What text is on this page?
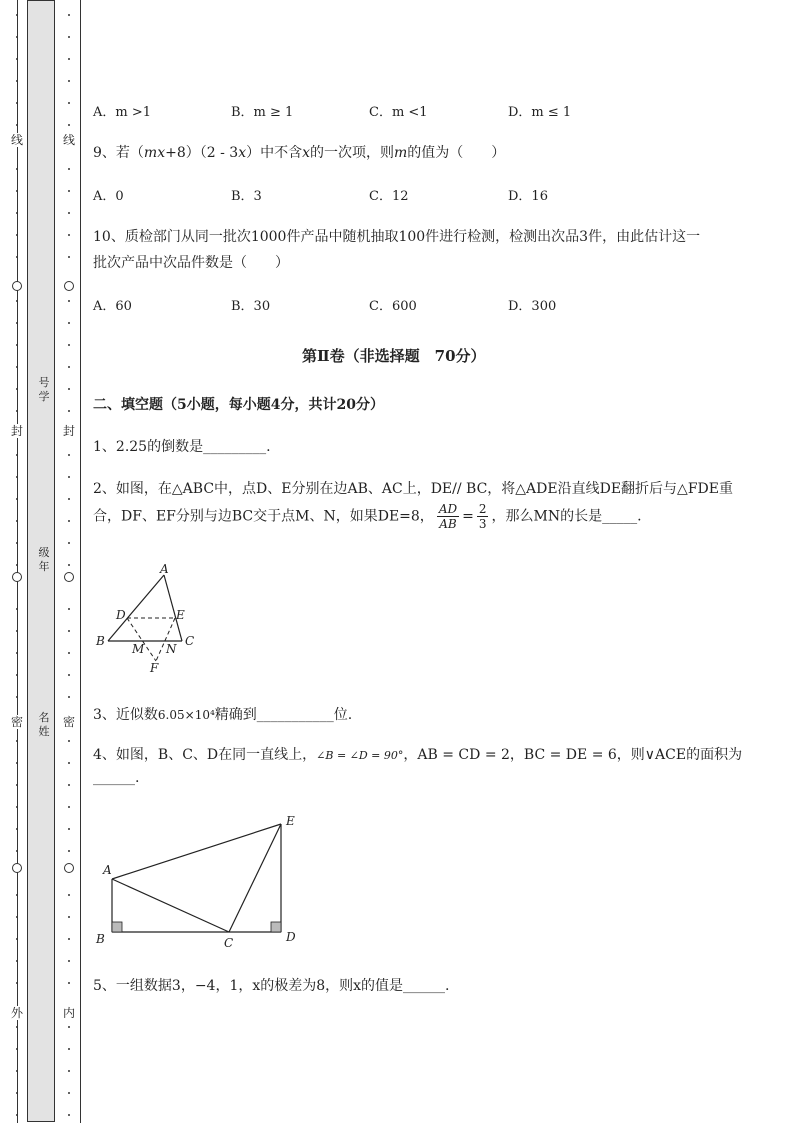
线
封
密
外
线
封
密
内
号学
级年
名姓
A．m >1	B．m ≥ 1	C．m <1	D．m ≤ 1
9、若（mx+8）（2 - 3x）中不含x的一次项，则m的值为（　　）
A．0	B．3	C．12	D．16
10、质检部门从同一批次1000件产品中随机抽取100件进行检测，检测出次品3件，由此估计这一
批次产品中次品件数是（　　）
A．60	B．30	C．600	D．300
第Ⅱ卷（非选择题　70分）
二、填空题（5小题，每小题4分，共计20分）
1、2.25的倒数是_________.
2、如图，在△ABC中，点D、E分别在边AB、AC上，DE// BC，将△ADE沿直线DE翻折后与△FDE重
合，DF、EF分别与边BC交于点M、N，如果DE=8， $\frac{AD}{AB} = \frac{2}{3}$ ，那么MN的长是_____.
A
D	E
B
M N
C
F
3、近似数6.05×10⁴精确到___________位.
4、如图，B、C、D在同一直线上，∠B = ∠D = 90°，AB = CD = 2，BC = DE = 6，则∨ACE的面积为
______.
E
A
B	C	D
5、一组数据3，−4，1，x的极差为8，则x的值是______.
